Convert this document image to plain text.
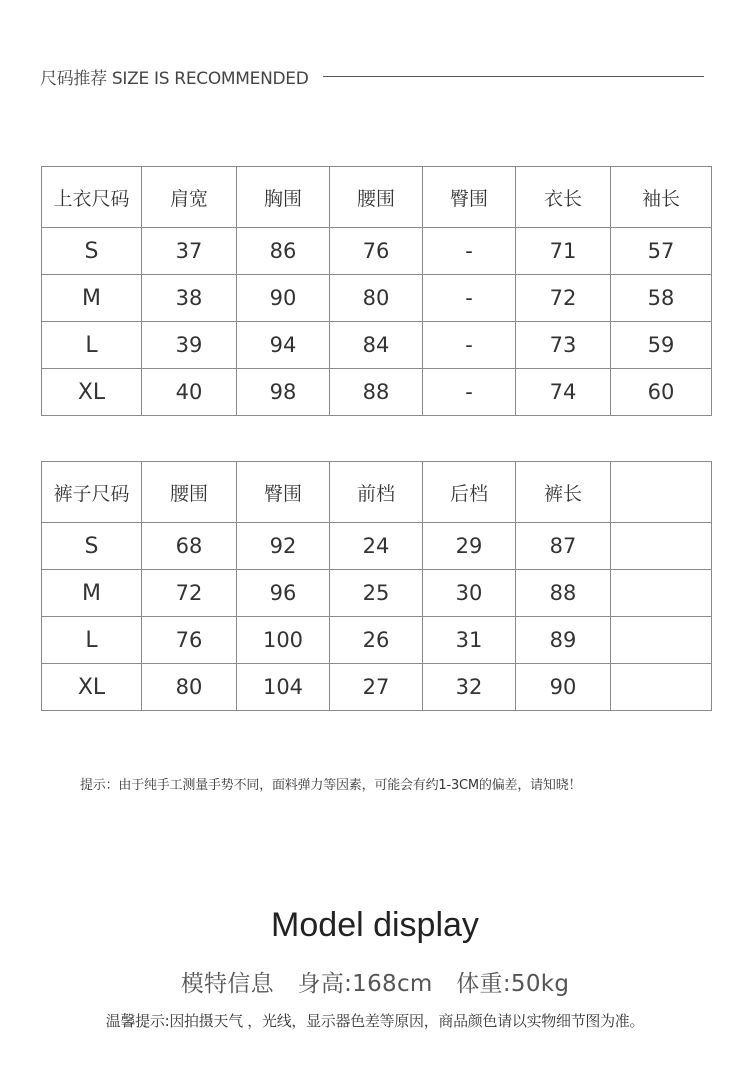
尺码推荐 SIZE IS RECOMMENDED
上衣尺码	肩宽	胸围	腰围	臀围	衣长	袖长
S	37	86	76	-	71	57
M	38	90	80	-	72	58
L	39	94	84	-	73	59
XL	40	98	88	-	74	60
裤子尺码	腰围	臀围	前档	后档	裤长	
S	68	92	24	29	87	
M	72	96	25	30	88	
L	76	100	26	31	89	
XL	80	104	27	32	90	
提示：由于纯手工测量手势不同，面料弹力等因素，可能会有约1-3CM的偏差，请知晓！
Model display
模特信息 身高:168cm 体重:50kg
温馨提示:因拍摄天气 ，光线，显示器色差等原因，商品颜色请以实物细节图为准。
